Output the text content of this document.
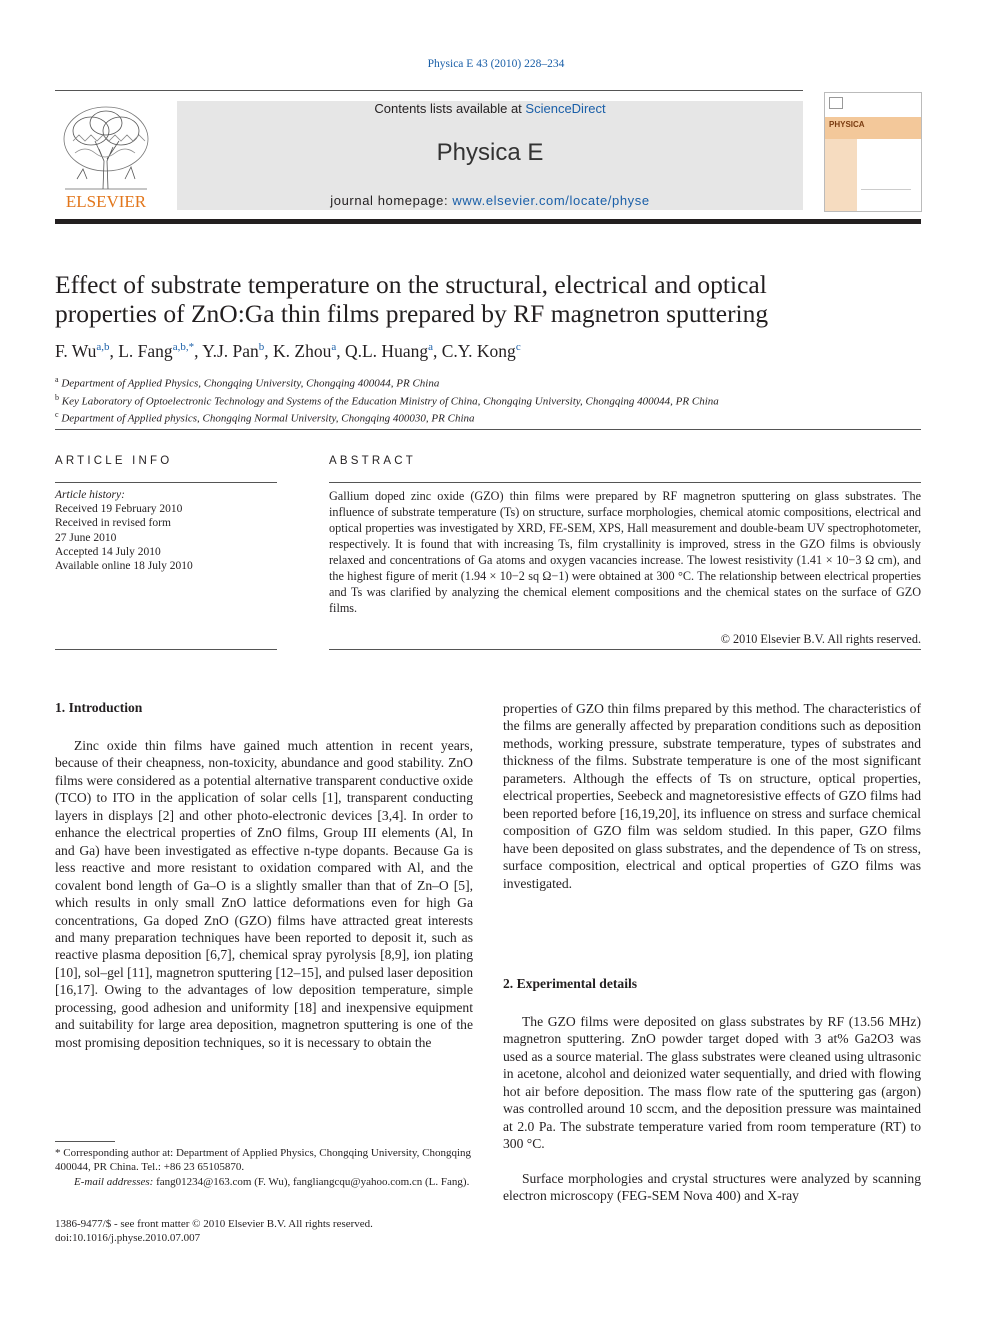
Physica E 43 (2010) 228–234
ELSEVIER
Contents lists available at ScienceDirect
Physica E
journal homepage: www.elsevier.com/locate/physe
PHYSICA
Effect of substrate temperature on the structural, electrical and optical
properties of ZnO:Ga thin films prepared by RF magnetron sputtering
F. Wu$^{a,b}$, L. Fang$^{a,b,*}$, Y.J. Pan$^b$, K. Zhou$^a$, Q.L. Huang$^a$, C.Y. Kong$^c$
$^a$ Department of Applied Physics, Chongqing University, Chongqing 400044, PR China
$^b$ Key Laboratory of Optoelectronic Technology and Systems of the Education Ministry of China, Chongqing University, Chongqing 400044, PR China
$^c$ Department of Applied physics, Chongqing Normal University, Chongqing 400030, PR China
ARTICLE INFO
Article history:
Received 19 February 2010
Received in revised form
27 June 2010
Accepted 14 July 2010
Available online 18 July 2010
ABSTRACT
Gallium doped zinc oxide (GZO) thin films were prepared by RF magnetron sputtering on glass substrates. The influence of substrate temperature (Ts) on structure, surface morphologies, chemical atomic compositions, electrical and optical properties was investigated by XRD, FE-SEM, XPS, Hall measurement and double-beam UV spectrophotometer, respectively. It is found that with increasing Ts, film crystallinity is improved, stress in the GZO films is obviously relaxed and concentrations of Ga atoms and oxygen vacancies increase. The lowest resistivity (1.41 × 10−3 Ω cm), and the highest figure of merit (1.94 × 10−2 sq Ω−1) were obtained at 300 °C. The relationship between electrical properties and Ts was clarified by analyzing the chemical element compositions and the chemical states on the surface of GZO films.
© 2010 Elsevier B.V. All rights reserved.
1. Introduction
Zinc oxide thin films have gained much attention in recent years, because of their cheapness, non-toxicity, abundance and good stability. ZnO films were considered as a potential alternative transparent conductive oxide (TCO) to ITO in the application of solar cells [1], transparent conducting layers in displays [2] and other photo-electronic devices [3,4]. In order to enhance the electrical properties of ZnO films, Group III elements (Al, In and Ga) have been investigated as effective n-type dopants. Because Ga is less reactive and more resistant to oxidation compared with Al, and the covalent bond length of Ga–O is a slightly smaller than that of Zn–O [5], which results in only small ZnO lattice deformations even for high Ga concentrations, Ga doped ZnO (GZO) films have attracted great interests and many preparation techniques have been reported to deposit it, such as reactive plasma deposition [6,7], chemical spray pyrolysis [8,9], ion plating [10], sol–gel [11], magnetron sputtering [12–15], and pulsed laser deposition [16,17]. Owing to the advantages of low deposition temperature, simple processing, good adhesion and uniformity [18] and inexpensive equipment and suitability for large area deposition, magnetron sputtering is one of the most promising deposition techniques, so it is necessary to obtain the
properties of GZO thin films prepared by this method. The characteristics of the films are generally affected by preparation conditions such as deposition methods, working pressure, substrate temperature, types of substrates and thickness of the films. Substrate temperature is one of the most significant parameters. Although the effects of Ts on structure, optical properties, electrical properties, Seebeck and magnetoresistive effects of GZO films had been reported before [16,19,20], its influence on stress and surface chemical composition of GZO film was seldom studied. In this paper, GZO films have been deposited on glass substrates, and the dependence of Ts on stress, surface composition, electrical and optical properties of GZO films was investigated.
2. Experimental details
The GZO films were deposited on glass substrates by RF (13.56 MHz) magnetron sputtering. ZnO powder target doped with 3 at% Ga2O3 was used as a source material. The glass substrates were cleaned using ultrasonic in acetone, alcohol and deionized water sequentially, and dried with flowing hot air before deposition. The mass flow rate of the sputtering gas (argon) was controlled around 10 sccm, and the deposition pressure was maintained at 2.0 Pa. The substrate temperature varied from room temperature (RT) to 300 °C.
Surface morphologies and crystal structures were analyzed by scanning electron microscopy (FEG-SEM Nova 400) and X-ray
* Corresponding author at: Department of Applied Physics, Chongqing University, Chongqing 400044, PR China. Tel.: +86 23 65105870.
E-mail addresses: fang01234@163.com (F. Wu), fangliangcqu@yahoo.com.cn (L. Fang).
1386-9477/$ - see front matter © 2010 Elsevier B.V. All rights reserved.
doi:10.1016/j.physe.2010.07.007
